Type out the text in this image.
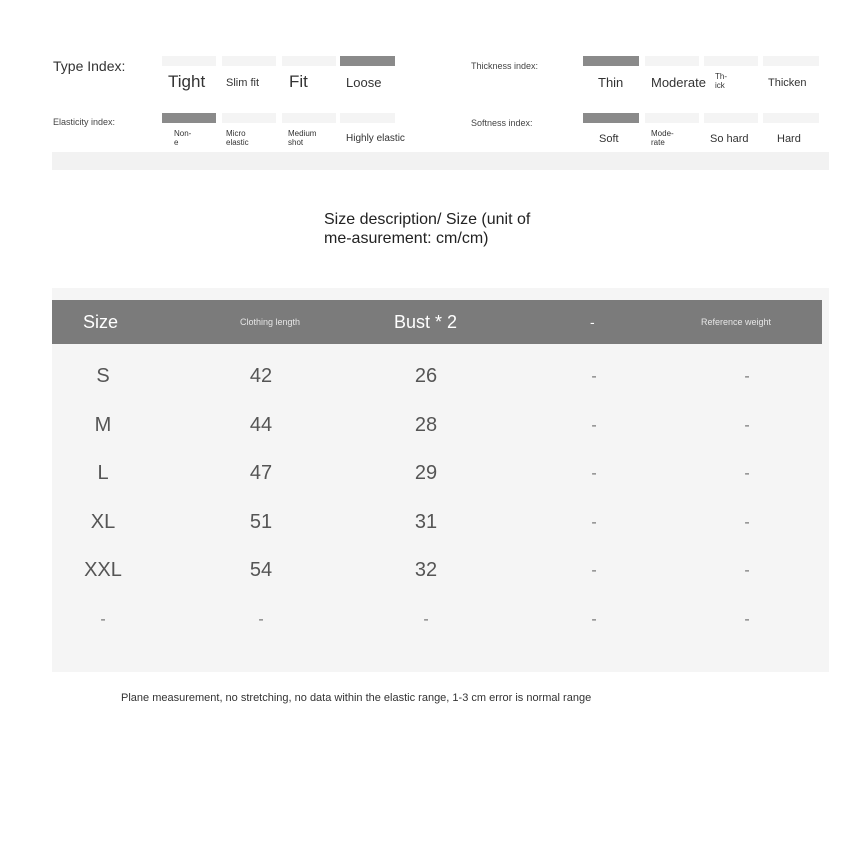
Type Index:
Tight Slim fit Fit	Loose
Thickness index:
Thin Moderate Th-ick	Thicken
Elasticity index:
Non-e
Micro elastic
Medium shot	Highly elastic
Softness index:
Soft	Mode-rate	So hard	Hard
Size description/ Size (unit of me-asurement: cm/cm)
Size	Clothing length	Bust * 2	-	Reference weight
S	42	26	-	-
M	44	28	-	-
L	47	29	-	-
XL	51	31	-	-
XXL	54	32	-	-
-	-	-	-	-
Plane measurement, no stretching, no data within the elastic range, 1-3 cm error is normal range
